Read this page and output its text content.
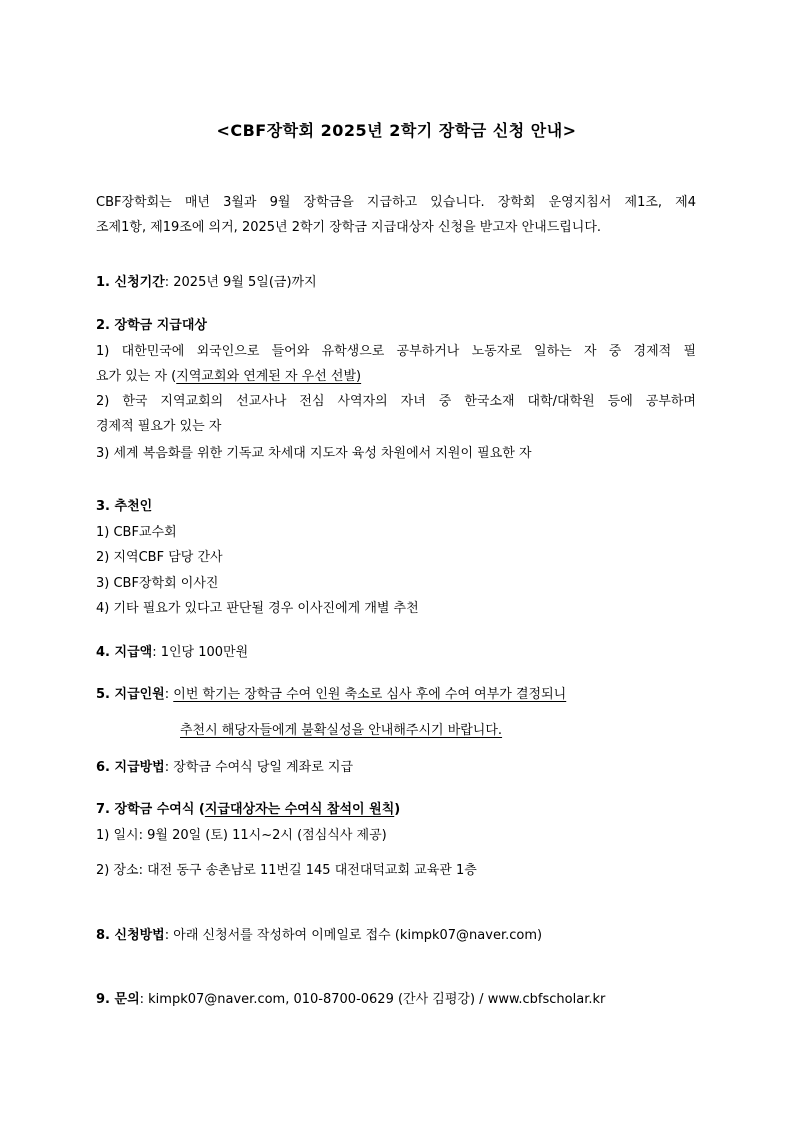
<CBF장학회 2025년 2학기 장학금 신청 안내>
CBF장학회는 매년 3월과 9월 장학금을 지급하고 있습니다. 장학회 운영지침서 제1조, 제4
조제1항, 제19조에 의거, 2025년 2학기 장학금 지급대상자 신청을 받고자 안내드립니다.
1. 신청기간: 2025년 9월 5일(금)까지
2. 장학금 지급대상
1) 대한민국에 외국인으로 들어와 유학생으로 공부하거나 노동자로 일하는 자 중 경제적 필
요가 있는 자 (지역교회와 연계된 자 우선 선발)
2) 한국 지역교회의 선교사나 전심 사역자의 자녀 중 한국소재 대학/대학원 등에 공부하며
경제적 필요가 있는 자
3) 세계 복음화를 위한 기독교 차세대 지도자 육성 차원에서 지원이 필요한 자
3. 추천인
1) CBF교수회
2) 지역CBF 담당 간사
3) CBF장학회 이사진
4) 기타 필요가 있다고 판단될 경우 이사진에게 개별 추천
4. 지급액: 1인당 100만원
5. 지급인원: 이번 학기는 장학금 수여 인원 축소로 심사 후에 수여 여부가 결정되니
추천시 해당자들에게 불확실성을 안내해주시기 바랍니다.
6. 지급방법: 장학금 수여식 당일 계좌로 지급
7. 장학금 수여식 (지급대상자는 수여식 참석이 원칙)
1) 일시: 9월 20일 (토) 11시~2시 (점심식사 제공)
2) 장소: 대전 동구 송촌남로 11번길 145 대전대덕교회 교육관 1층
8. 신청방법: 아래 신청서를 작성하여 이메일로 접수 (kimpk07@naver.com)
9. 문의: kimpk07@naver.com, 010-8700-0629 (간사 김평강) / www.cbfscholar.kr
